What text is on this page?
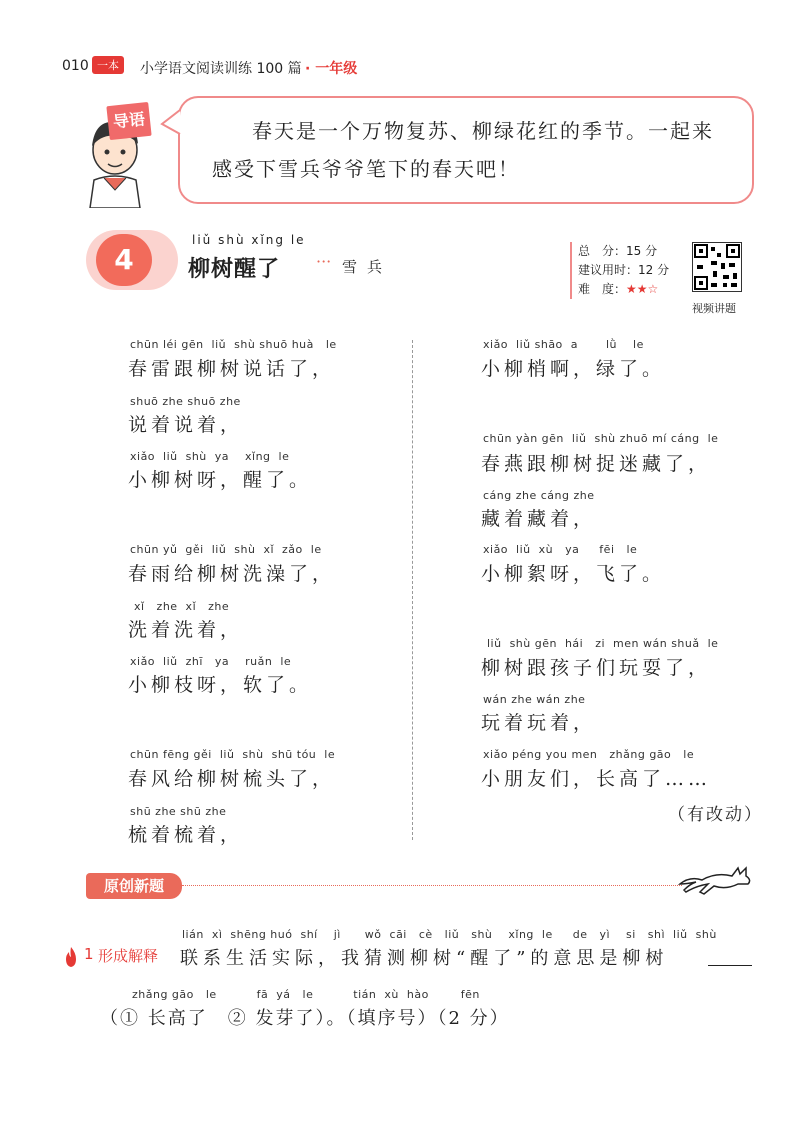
010 一本	小学语文阅读训练 100 篇 · 一年级
导语	春天是一个万物复苏、柳绿花红的季节。一起来感受下雪兵爷爷笔下的春天吧！
4
liǔ shù xǐng le
柳树醒了 ··· 雪兵
总　分：15 分
建议用时：12 分
难　度：★★☆
视频讲题
chūn léi gēn  liǔ  shù shuō huà   le
春雷跟柳树说话了，
shuō zhe shuō zhe
说着说着，
xiǎo  liǔ  shù  ya    xǐng  le
小柳树呀，醒了。
chūn yǔ  gěi  liǔ  shù  xǐ  zǎo  le
春雨给柳树洗澡了，
xǐ   zhe  xǐ   zhe
洗着洗着，
xiǎo  liǔ  zhī   ya    ruǎn  le
小柳枝呀，软了。
chūn fēng gěi  liǔ  shù  shū tóu  le
春风给柳树梳头了，
shū zhe shū zhe
梳着梳着，
xiǎo  liǔ shāo  a       lǜ    le
小柳梢啊，绿了。
chūn yàn gēn  liǔ  shù zhuō mí cáng  le
春燕跟柳树捉迷藏了，
cáng zhe cáng zhe
藏着藏着，
xiǎo  liǔ  xù   ya     fēi   le
小柳絮呀，飞了。
liǔ  shù gēn  hái   zi  men wán shuǎ  le
柳树跟孩子们玩耍了，
wán zhe wán zhe
玩着玩着，
xiǎo péng you men   zhǎng gāo   le
小朋友们，长高了……
（有改动）
原创新题
1 形成解释
lián  xì  shēng huó  shí    jì      wǒ  cāi   cè   liǔ   shù    xǐng  le     de   yì    si   shì  liǔ  shù
联系生活实际，我猜测柳树“醒了”的意思是柳树
zhǎng gāo   le          fā  yá   le          tián  xù  hào        fēn
（① 长高了　② 发芽了）。（填序号）（2 分）
